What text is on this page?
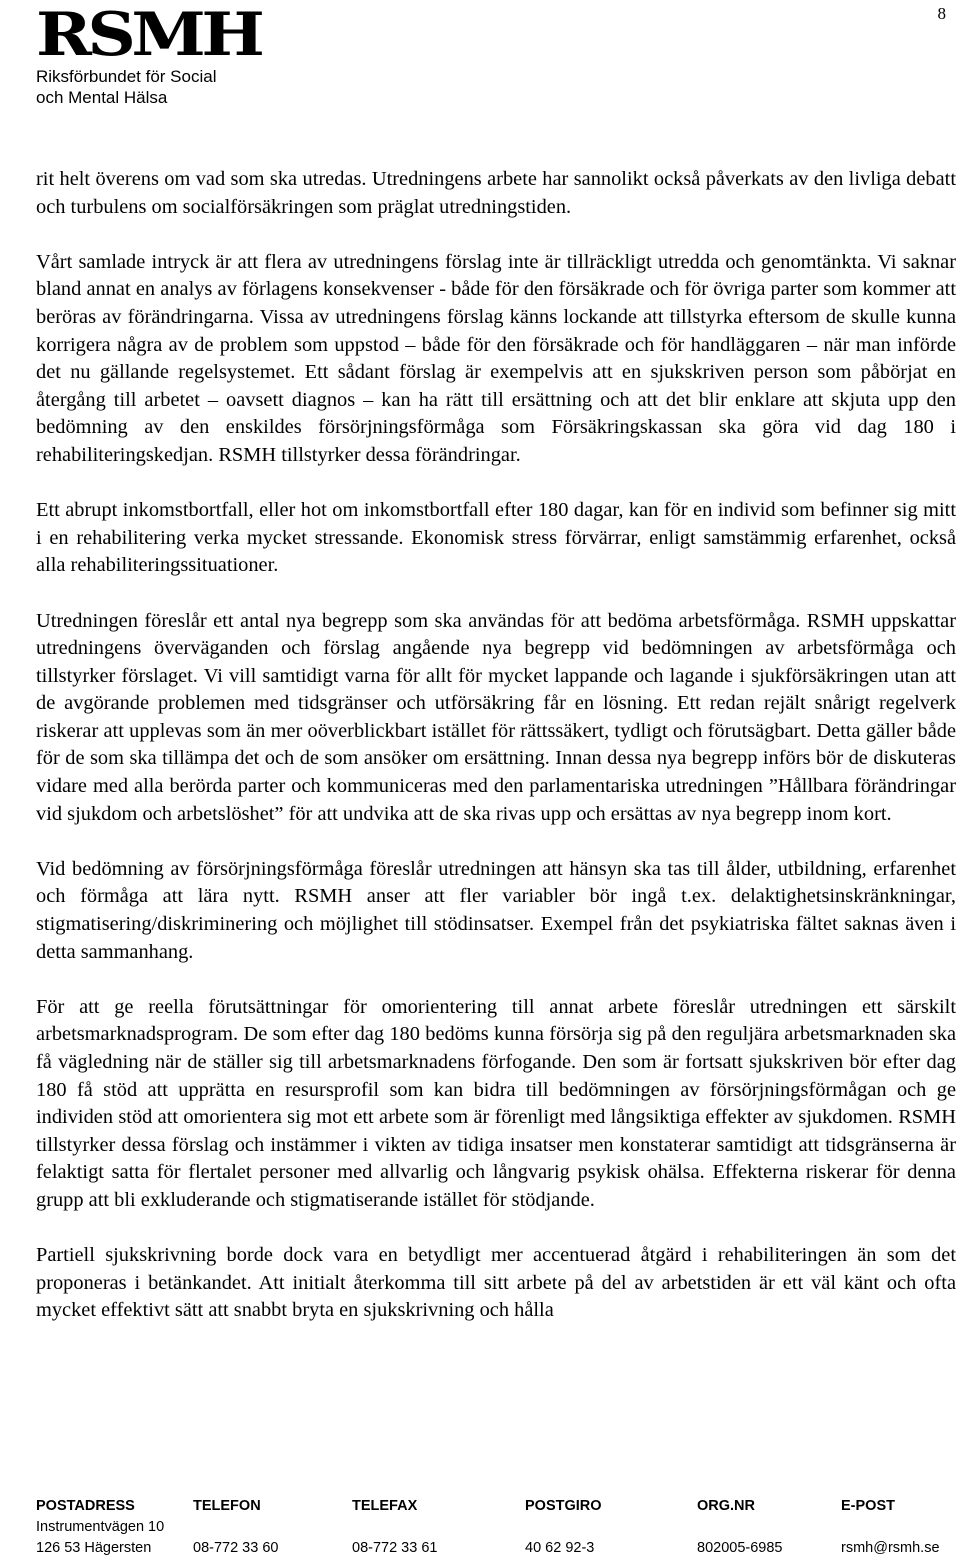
RSMH
Riksförbundet för Social
och Mental Hälsa
8

rit helt överens om vad som ska utredas. Utredningens arbete har sannolikt också påverkats av den livliga debatt och turbulens om socialförsäkringen som präglat utredningstiden.

Vårt samlade intryck är att flera av utredningens förslag inte är tillräckligt utredda och genomtänkta. Vi saknar bland annat en analys av förlagens konsekvenser - både för den försäkrade och för övriga parter som kommer att beröras av förändringarna. Vissa av utredningens förslag känns lockande att tillstyrka eftersom de skulle kunna korrigera några av de problem som uppstod – både för den försäkrade och för handläggaren – när man införde det nu gällande regelsystemet. Ett sådant förslag är exempelvis att en sjukskriven person som påbörjat en återgång till arbetet – oavsett diagnos – kan ha rätt till ersättning och att det blir enklare att skjuta upp den bedömning av den enskildes försörjningsförmåga som Försäkringskassan ska göra vid dag 180 i rehabiliteringskedjan. RSMH tillstyrker dessa förändringar.

Ett abrupt inkomstbortfall, eller hot om inkomstbortfall efter 180 dagar, kan för en individ som befinner sig mitt i en rehabilitering verka mycket stressande. Ekonomisk stress förvärrar, enligt samstämmig erfarenhet, också alla rehabiliteringssituationer.

Utredningen föreslår ett antal nya begrepp som ska användas för att bedöma arbetsförmåga. RSMH uppskattar utredningens överväganden och förslag angående nya begrepp vid bedömningen av arbetsförmåga och tillstyrker förslaget. Vi vill samtidigt varna för allt för mycket lappande och lagande i sjukförsäkringen utan att de avgörande problemen med tidsgränser och utförsäkring får en lösning. Ett redan rejält snårigt regelverk riskerar att upplevas som än mer oöverblickbart istället för rättssäkert, tydligt och förutsägbart. Detta gäller både för de som ska tillämpa det och de som ansöker om ersättning. Innan dessa nya begrepp införs bör de diskuteras vidare med alla berörda parter och kommuniceras med den parlamentariska utredningen ”Hållbara förändringar vid sjukdom och arbetslöshet” för att undvika att de ska rivas upp och ersättas av nya begrepp inom kort.

Vid bedömning av försörjningsförmåga föreslår utredningen att hänsyn ska tas till ålder, utbildning, erfarenhet och förmåga att lära nytt. RSMH anser att fler variabler bör ingå t.ex. delaktighetsinskränkningar, stigmatisering/diskriminering och möjlighet till stödinsatser. Exempel från det psykiatriska fältet saknas även i detta sammanhang.

För att ge reella förutsättningar för omorientering till annat arbete föreslår utredningen ett särskilt arbetsmarknadsprogram. De som efter dag 180 bedöms kunna försörja sig på den reguljära arbetsmarknaden ska få vägledning när de ställer sig till arbetsmarknadens förfogande. Den som är fortsatt sjukskriven bör efter dag 180 få stöd att upprätta en resursprofil som kan bidra till bedömningen av försörjningsförmågan och ge individen stöd att omorientera sig mot ett arbete som är förenligt med långsiktiga effekter av sjukdomen. RSMH tillstyrker dessa förslag och instämmer i vikten av tidiga insatser men konstaterar samtidigt att tidsgränserna är felaktigt satta för flertalet personer med allvarlig och långvarig psykisk ohälsa. Effekterna riskerar för denna grupp att bli exkluderande och stigmatiserande istället för stödjande.

Partiell sjukskrivning borde dock vara en betydligt mer accentuerad åtgärd i rehabiliteringen än som det proponeras i betänkandet. Att initialt återkomma till sitt arbete på del av arbetstiden är ett väl känt och ofta mycket effektivt sätt att snabbt bryta en sjukskrivning och hålla

POSTADRESS	TELEFON	TELEFAX	POSTGIRO	ORG.NR	E-POST
Instrumentvägen 10
126 53 Hägersten	08-772 33 60	08-772 33 61	40 62 92-3	802005-6985	rsmh@rsmh.se
